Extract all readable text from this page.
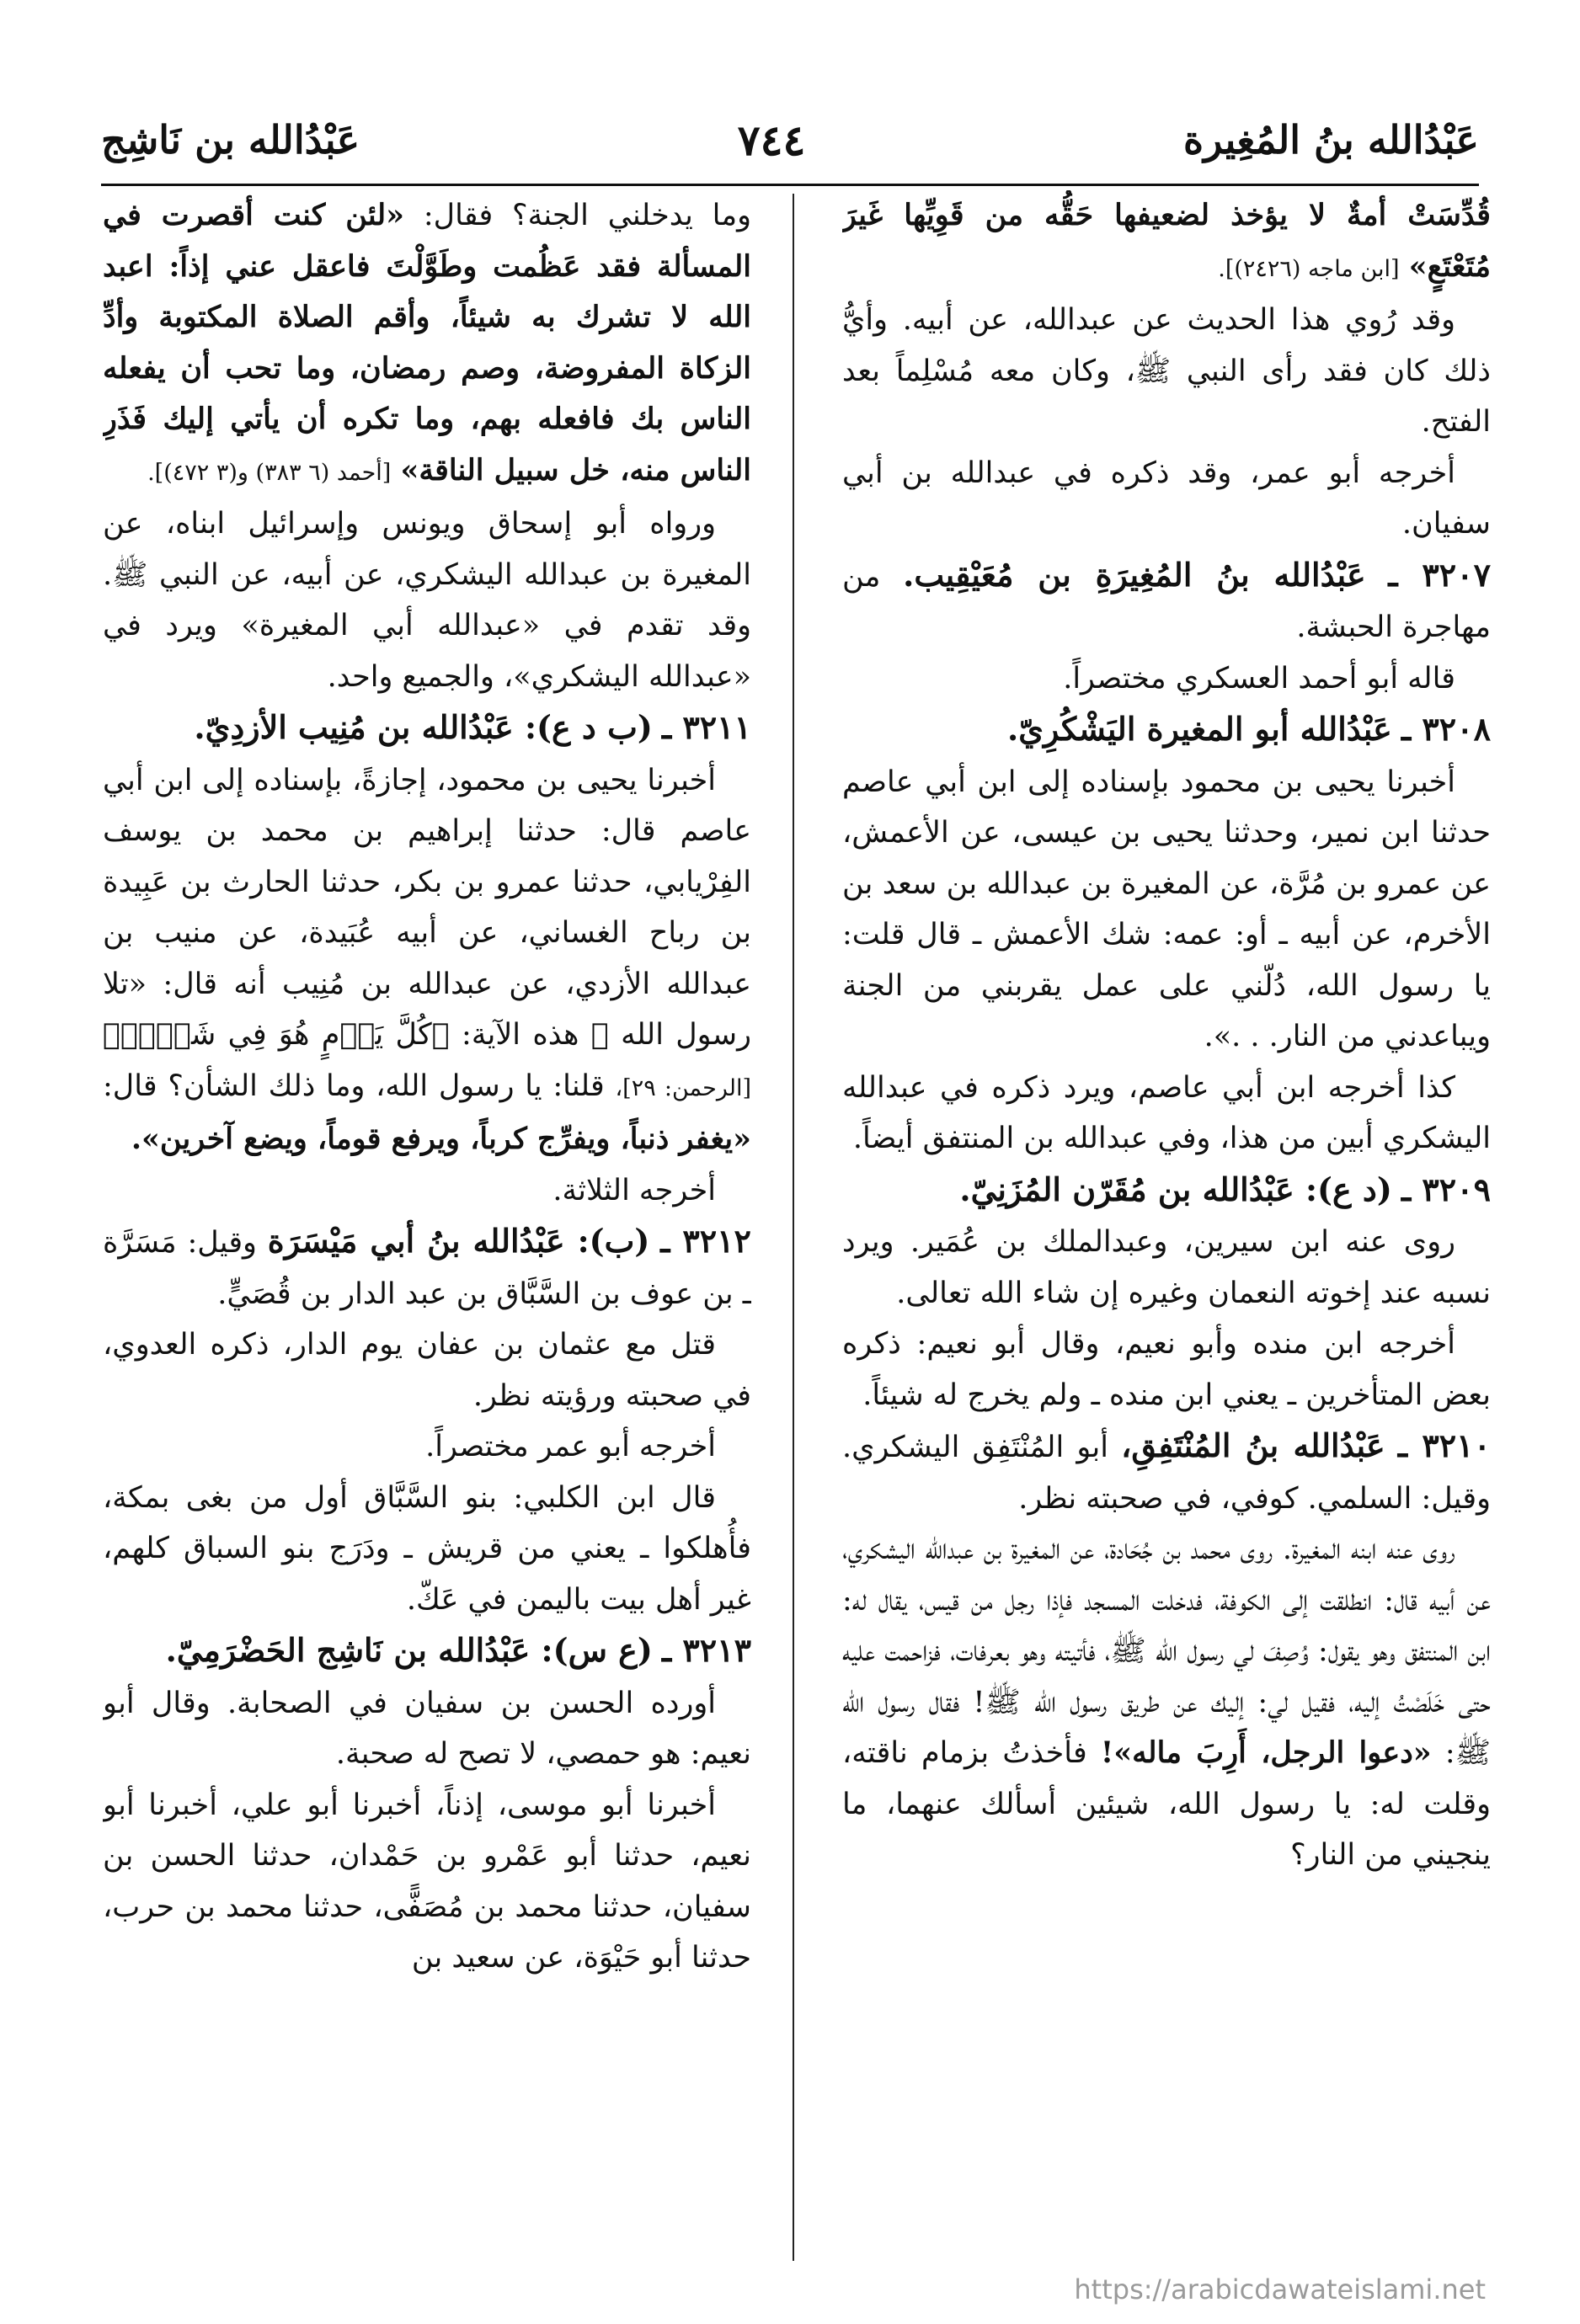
عَبْدُالله بنُ المُغِيرة
٧٤٤
عَبْدُالله بن نَاشِج

قُدِّسَتْ أمةٌ لا يؤخذ لضعيفها حَقُّه من قَوِيِّها غَيرَ مُتَعْتَعٍ» [ابن ماجه (٢٤٢٦)].

وقد رُوي هذا الحديث عن عبدالله، عن أبيه. وأيُّ ذلك كان فقد رأى النبي ﷺ، وكان معه مُسْلِماً بعد الفتح.

أخرجه أبو عمر، وقد ذكره في عبدالله بن أبي سفيان.

٣٢٠٧ ـ عَبْدُالله بنُ المُغِيرَةِ بن مُعَيْقِيب. من مهاجرة الحبشة.

قاله أبو أحمد العسكري مختصراً.

٣٢٠٨ ـ عَبْدُالله أبو المغيرة اليَشْكُرِيّ.

أخبرنا يحيى بن محمود بإسناده إلى ابن أبي عاصم حدثنا ابن نمير، وحدثنا يحيى بن عيسى، عن الأعمش، عن عمرو بن مُرَّة، عن المغيرة بن عبدالله بن سعد بن الأخرم، عن أبيه ـ أو: عمه: شك الأعمش ـ قال قلت: يا رسول الله، دُلّني على عمل يقربني من الجنة ويباعدني من النار. . .».

كذا أخرجه ابن أبي عاصم، ويرد ذكره في عبدالله اليشكري أبين من هذا، وفي عبدالله بن المنتفق أيضاً.

٣٢٠٩ ـ (د ع): عَبْدُالله بن مُقَرّن المُزَنِيّ.

روى عنه ابن سيرين، وعبدالملك بن عُمَير. ويرد نسبه عند إخوته النعمان وغيره إن شاء الله تعالى.

أخرجه ابن منده وأبو نعيم، وقال أبو نعيم: ذكره بعض المتأخرين ـ يعني ابن منده ـ ولم يخرج له شيئاً.

٣٢١٠ ـ عَبْدُالله بنُ المُنْتَفِقِ، أبو المُنْتَفِق اليشكري. وقيل: السلمي. كوفي، في صحبته نظر.

روى عنه ابنه المغيرة. روى محمد بن جُحَادة، عن المغيرة بن عبدالله اليشكري، عن أبيه قال: انطلقت إلى الكوفة، فدخلت المسجد فإذا رجل من قيس، يقال له: ابن المنتفق وهو يقول: وُصِفَ لي رسول الله ﷺ، فأتيته وهو بعرفات، فزاحمت عليه حتى خَلَصْتُ إليه، فقيل لي: إليك عن طريق رسول الله ﷺ! فقال رسول الله ﷺ: «دعوا الرجل، أَرِبَ ماله»! فأخذتُ بزمام ناقته، وقلت له: يا رسول الله، شيئين أسألك عنهما، ما ينجيني من النار؟

وما يدخلني الجنة؟ فقال: «لئن كنت أقصرت في المسألة فقد عَظُمت وطَوَّلْتَ فاعقل عني إذاً: اعبد الله لا تشرك به شيئاً، وأقم الصلاة المكتوبة وأدِّ الزكاة المفروضة، وصم رمضان، وما تحب أن يفعله الناس بك فافعله بهم، وما تكره أن يأتي إليك فَذَرِ الناس منه، خل سبيل الناقة» [أحمد (٦ ٣٨٣) و(٣ ٤٧٢)].

ورواه أبو إسحاق ويونس وإسرائيل ابناه، عن المغيرة بن عبدالله اليشكري، عن أبيه، عن النبي ﷺ. وقد تقدم في «عبدالله أبي المغيرة» ويرد في «عبدالله اليشكري»، والجميع واحد.

٣٢١١ ـ (ب د ع): عَبْدُالله بن مُنِيب الأزدِيّ.

أخبرنا يحيى بن محمود، إجازةً، بإسناده إلى ابن أبي عاصم قال: حدثنا إبراهيم بن محمد بن يوسف الفِرْيابي، حدثنا عمرو بن بكر، حدثنا الحارث بن عَبِيدة بن رباح الغساني، عن أبيه عُبَيدة، عن منيب بن عبدالله الأزدي، عن عبدالله بن مُنِيب أنه قال: «تلا رسول الله ﷺ هذه الآية: ﴿كُلَّ يَوۡمٍ هُوَ فِي شَأۡنٖ﴾ [الرحمن: ٢٩]، قلنا: يا رسول الله، وما ذلك الشأن؟ قال: «يغفر ذنباً، ويفرِّج كرباً، ويرفع قوماً، ويضع آخرين».

أخرجه الثلاثة.

٣٢١٢ ـ (ب): عَبْدُالله بنُ أبي مَيْسَرَة وقيل: مَسَرَّة ـ بن عوف بن السَّبَّاق بن عبد الدار بن قُصَيٍّ.

قتل مع عثمان بن عفان يوم الدار، ذكره العدوي، في صحبته ورؤيته نظر.

أخرجه أبو عمر مختصراً.

قال ابن الكلبي: بنو السَّبَّاق أول من بغى بمكة، فأُهلكوا ـ يعني من قريش ـ ودَرَج بنو السباق كلهم، غير أهل بيت باليمن في عَكّ.

٣٢١٣ ـ (ع س): عَبْدُالله بن نَاشِج الحَضْرَمِيّ.

أورده الحسن بن سفيان في الصحابة. وقال أبو نعيم: هو حمصي، لا تصح له صحبة.

أخبرنا أبو موسى، إذناً، أخبرنا أبو علي، أخبرنا أبو نعيم، حدثنا أبو عَمْرو بن حَمْدان، حدثنا الحسن بن سفيان، حدثنا محمد بن مُصَفًّى، حدثنا محمد بن حرب، حدثنا أبو حَيْوَة، عن سعيد بن

https://arabicdawateislami.net
